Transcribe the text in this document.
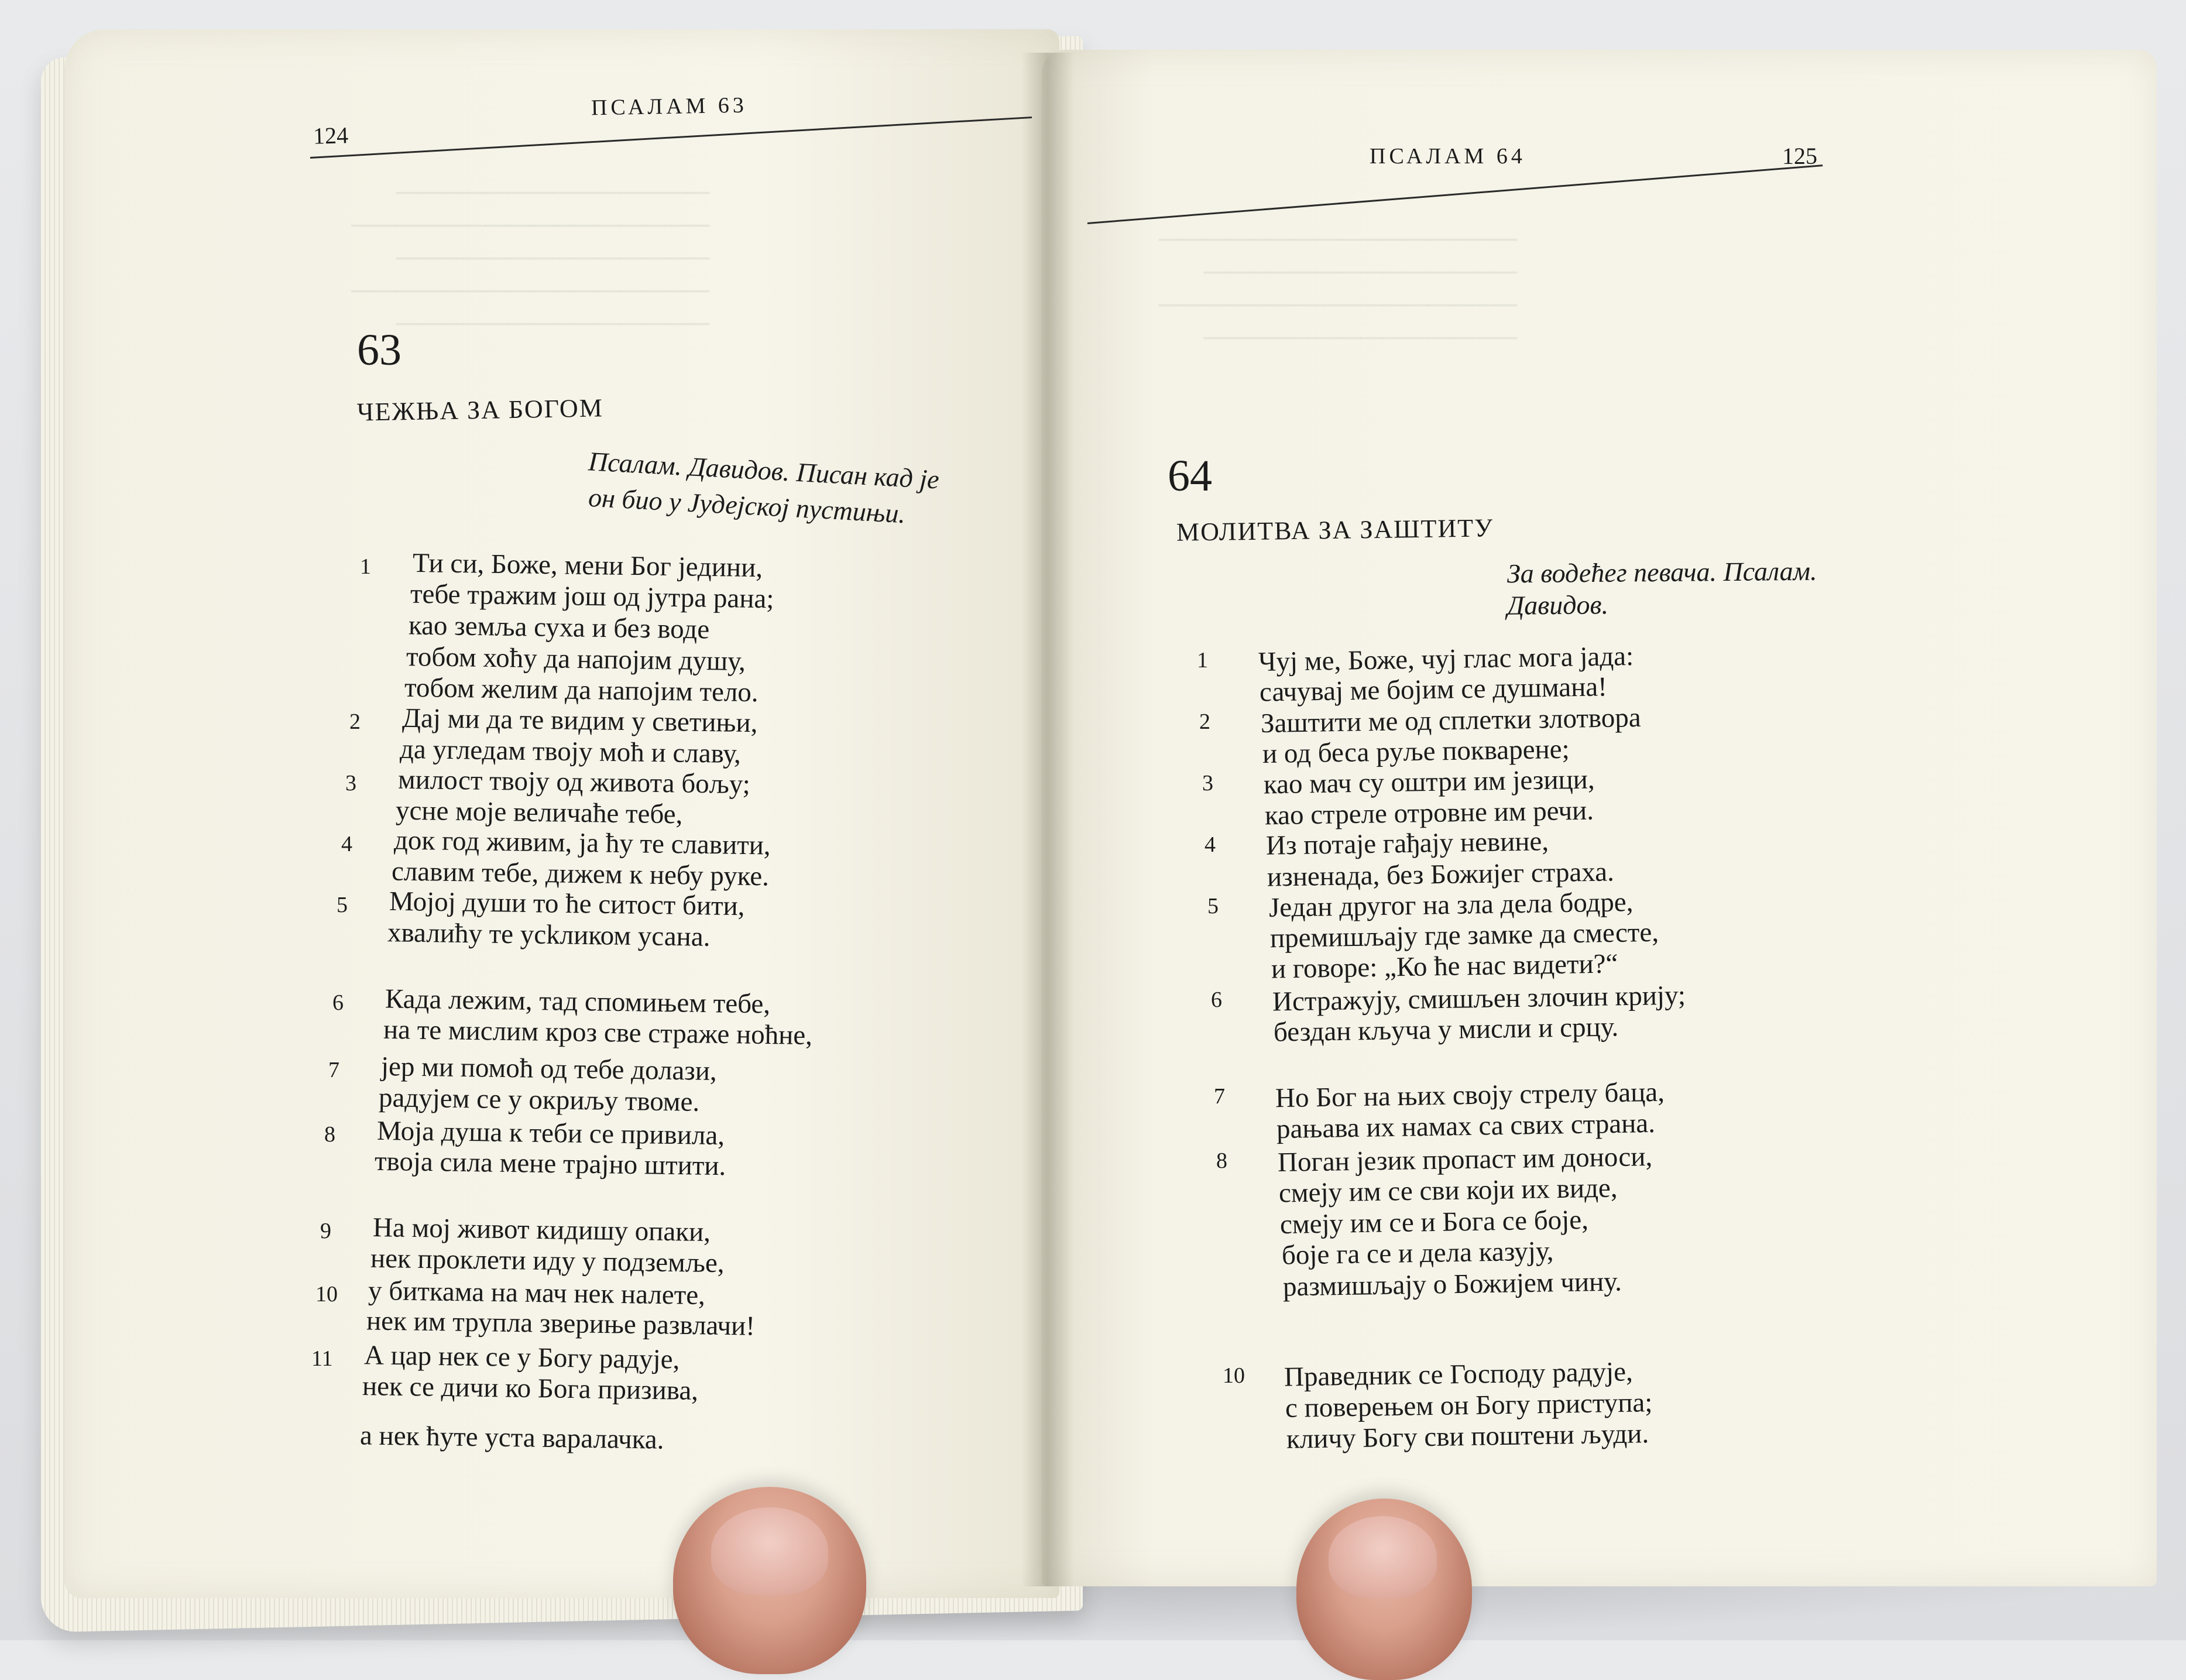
──────────────
────────────────
──────────────
────────────────
──────────────
────────────────
──────────────
────────────────
──────────────
124
ПСАЛАМ 63
ПСАЛАМ 64	125
63
ЧЕЖЊА ЗА БОГОМ
Псалам. Давидов. Писан кад је
он био у Јудејској пустињи.
64
МОЛИТВА ЗА ЗАШТИТУ
За водећег певача. Псалам.
Давидов.
1 Ти си, Боже, мени Бог једини,
тебе тражим још од јутра рана;
као земља суха и без воде
тобом хоћу да напојим душу,
тобом желим да напојим тело.
2 Дај ми да те видим у светињи,
да угледам твоју моћ и славу,
3 милост твоју од живота бољу;
усне моје величаће тебе,
4 док год живим, ја ћу те славити,
славим тебе, дижем к небу руке.
5 Мојој души то ће ситост бити,
хвалићу те усkликом усана.
6 Када лежим, тад спомињем тебе,
на те мислим кроз све страже ноћне,
7 јер ми помоћ од тебе долази,
радујем се у окриљу твоме.
8 Моја душа к теби се привила,
твоја сила мене трајно штити.
9 На мој живот кидишу опаки,
нек проклети иду у подземље,
10 у биткама на мач нек налете,
нек им трупла звериње развлачи!
11 А цар нек се у Богу радује,
нек се дичи ко Бога призива,
а нек ћуте уста варалачка.
1 Чуј ме, Боже, чуј глас мога јада:
сачувај ме бојим се душмана!
2 Заштити ме од сплетки злотвора
и од беса руље покварене;
3 као мач су оштри им језици,
као стреле отровне им речи.
4 Из потаје гађају невине,
изненада, без Божијег страха.
5 Један другог на зла дела бодре,
премишљају где замке да сместе,
и говоре: „Ко ће нас видети?“
6 Истражују, смишљен злочин крију;
бездан кључа у мисли и срцу.
7 Но Бог на њих своју стрелу баца,
рањава их намах са свих страна.
8 Поган језик пропаст им доноси,
смеју им се сви који их виде,
смеју им се и Бога се боје,
боје га се и дела казују,
размишљају о Божијем чину.
10 Праведник се Господу радује,
с поверењем он Богу приступа;
кличу Богу сви поштени људи.
